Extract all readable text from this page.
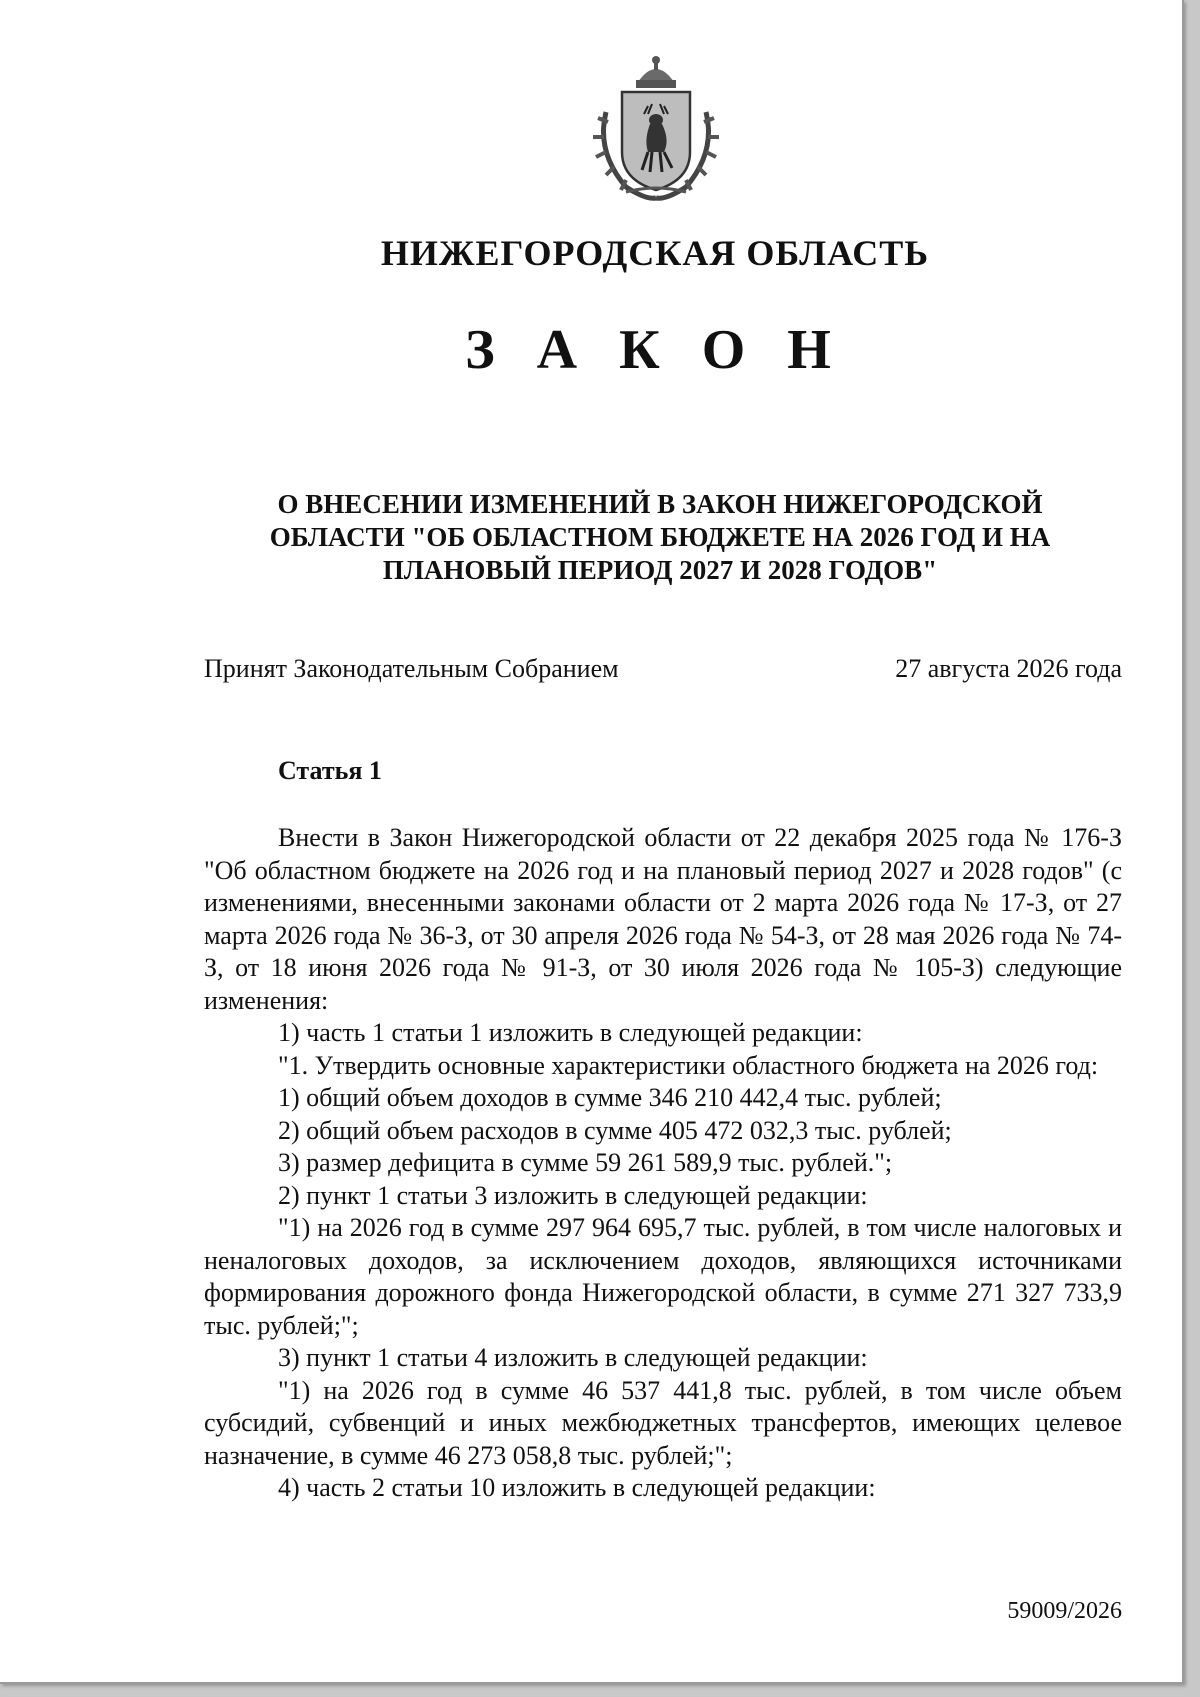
НИЖЕГОРОДСКАЯ ОБЛАСТЬ
З А К О Н
О ВНЕСЕНИИ ИЗМЕНЕНИЙ В ЗАКОН НИЖЕГОРОДСКОЙ
ОБЛАСТИ "ОБ ОБЛАСТНОМ БЮДЖЕТЕ НА 2026 ГОД И НА
ПЛАНОВЫЙ ПЕРИОД 2027 И 2028 ГОДОВ"
Принят Законодательным Собранием	27 августа 2026 года
Статья 1

Внести в Закон Нижегородской области от 22 декабря 2025 года № 176-З "Об областном бюджете на 2026 год и на плановый период 2027 и 2028 годов" (с изменениями, внесенными законами области от 2 марта 2026 года № 17-З, от 27 марта 2026 года № 36-З, от 30 апреля 2026 года № 54-З, от 28 мая 2026 года № 74-З, от 18 июня 2026 года № 91-З, от 30 июля 2026 года № 105-З) следующие изменения:

1) часть 1 статьи 1 изложить в следующей редакции:

"1. Утвердить основные характеристики областного бюджета на 2026 год:

1) общий объем доходов в сумме 346 210 442,4 тыс. рублей;

2) общий объем расходов в сумме 405 472 032,3 тыс. рублей;

3) размер дефицита в сумме 59 261 589,9 тыс. рублей.";

2) пункт 1 статьи 3 изложить в следующей редакции:

"1) на 2026 год в сумме 297 964 695,7 тыс. рублей, в том числе налоговых и неналоговых доходов, за исключением доходов, являющихся источниками формирования дорожного фонда Нижегородской области, в сумме 271 327 733,9 тыс. рублей;";

3) пункт 1 статьи 4 изложить в следующей редакции:

"1) на 2026 год в сумме 46 537 441,8 тыс. рублей, в том числе объем субсидий, субвенций и иных межбюджетных трансфертов, имеющих целевое назначение, в сумме 46 273 058,8 тыс. рублей;";

4) часть 2 статьи 10 изложить в следующей редакции:

59009/2026
